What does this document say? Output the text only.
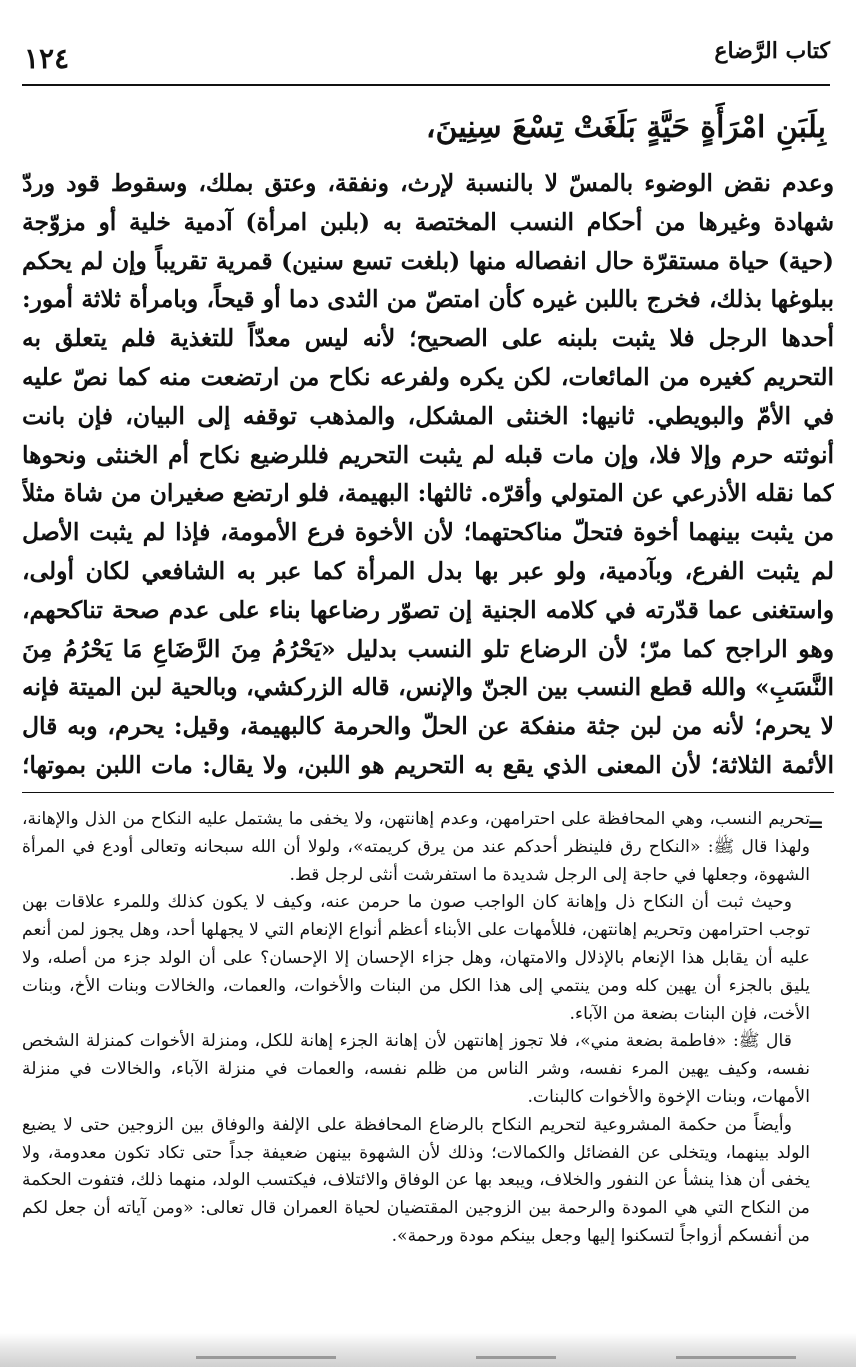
كتاب الرَّضاع
١٢٤
بِلَبَنِ امْرَأَةٍ حَيَّةٍ بَلَغَتْ تِسْعَ سِنِينَ،
وعدم نقض الوضوء بالمسّ لا بالنسبة لإرث، ونفقة، وعتق بملك، وسقوط قود وردّ شهادة وغيرها من أحكام النسب المختصة به (بلبن امرأة) آدمية خلية أو مزوّجة (حية) حياة مستقرّة حال انفصاله منها (بلغت تسع سنين) قمرية تقريباً وإن لم يحكم ببلوغها بذلك، فخرج باللبن غيره كأن امتصّ من الثدى دما أو قيحاً، وبامرأة ثلاثة أمور: أحدها الرجل فلا يثبت بلبنه على الصحيح؛ لأنه ليس معدّاً للتغذية فلم يتعلق به التحريم كغيره من المائعات، لكن يكره ولفرعه نكاح من ارتضعت منه كما نصّ عليه في الأمّ والبويطي. ثانيها: الخنثى المشكل، والمذهب توقفه إلى البيان، فإن بانت أنوثته حرم وإلا فلا، وإن مات قبله لم يثبت التحريم فللرضيع نكاح أم الخنثى ونحوها كما نقله الأذرعي عن المتولي وأقرّه. ثالثها: البهيمة، فلو ارتضع صغيران من شاة مثلاً من يثبت بينهما أخوة فتحلّ مناكحتهما؛ لأن الأخوة فرع الأمومة، فإذا لم يثبت الأصل لم يثبت الفرع، وبآدمية، ولو عبر بها بدل المرأة كما عبر به الشافعي لكان أولى، واستغنى عما قدّرته في كلامه الجنية إن تصوّر رضاعها بناء على عدم صحة تناكحهم، وهو الراجح كما مرّ؛ لأن الرضاع تلو النسب بدليل «يَحْرُمُ مِنَ الرَّضَاعِ مَا يَحْرُمُ مِنَ النَّسَبِ» والله قطع النسب بين الجنّ والإنس، قاله الزركشي، وبالحية لبن الميتة فإنه لا يحرم؛ لأنه من لبن جثة منفكة عن الحلّ والحرمة كالبهيمة، وقيل: يحرم، وبه قال الأئمة الثلاثة؛ لأن المعنى الذي يقع به التحريم هو اللبن، ولا يقال: مات اللبن بموتها؛
=

تحريم النسب، وهي المحافظة على احترامهن، وعدم إهانتهن، ولا يخفى ما يشتمل عليه النكاح من الذل والإهانة، ولهذا قال ﷺ: «النكاح رق فلينظر أحدكم عند من يرق كريمته»، ولولا أن الله سبحانه وتعالى أودع في المرأة الشهوة، وجعلها في حاجة إلى الرجل شديدة ما استفرشت أنثى لرجل قط.

وحيث ثبت أن النكاح ذل وإهانة كان الواجب صون ما حرمن عنه، وكيف لا يكون كذلك وللمرء علاقات بهن توجب احترامهن وتحريم إهانتهن، فللأمهات على الأبناء أعظم أنواع الإنعام التي لا يجهلها أحد، وهل يجوز لمن أنعم عليه أن يقابل هذا الإنعام بالإذلال والامتهان، وهل جزاء الإحسان إلا الإحسان؟ على أن الولد جزء من أصله، ولا يليق بالجزء أن يهين كله ومن ينتمي إلى هذا الكل من البنات والأخوات، والعمات، والخالات وبنات الأخ، وبنات الأخت، فإن البنات بضعة من الآباء.

قال ﷺ: «فاطمة بضعة مني»، فلا تجوز إهانتهن لأن إهانة الجزء إهانة للكل، ومنزلة الأخوات كمنزلة الشخص نفسه، وكيف يهين المرء نفسه، وشر الناس من ظلم نفسه، والعمات في منزلة الآباء، والخالات في منزلة الأمهات، وبنات الإخوة والأخوات كالبنات.

وأيضاً من حكمة المشروعية لتحريم النكاح بالرضاع المحافظة على الإلفة والوفاق بين الزوجين حتى لا يضيع الولد بينهما، ويتخلى عن الفضائل والكمالات؛ وذلك لأن الشهوة بينهن ضعيفة جداً حتى تكاد تكون معدومة، ولا يخفى أن هذا ينشأ عن النفور والخلاف، ويبعد بها عن الوفاق والائتلاف، فيكتسب الولد، منهما ذلك، فتفوت الحكمة من النكاح التي هي المودة والرحمة بين الزوجين المقتضيان لحياة العمران قال تعالى: «ومن آياته أن جعل لكم من أنفسكم أزواجاً لتسكنوا إليها وجعل بينكم مودة ورحمة».
